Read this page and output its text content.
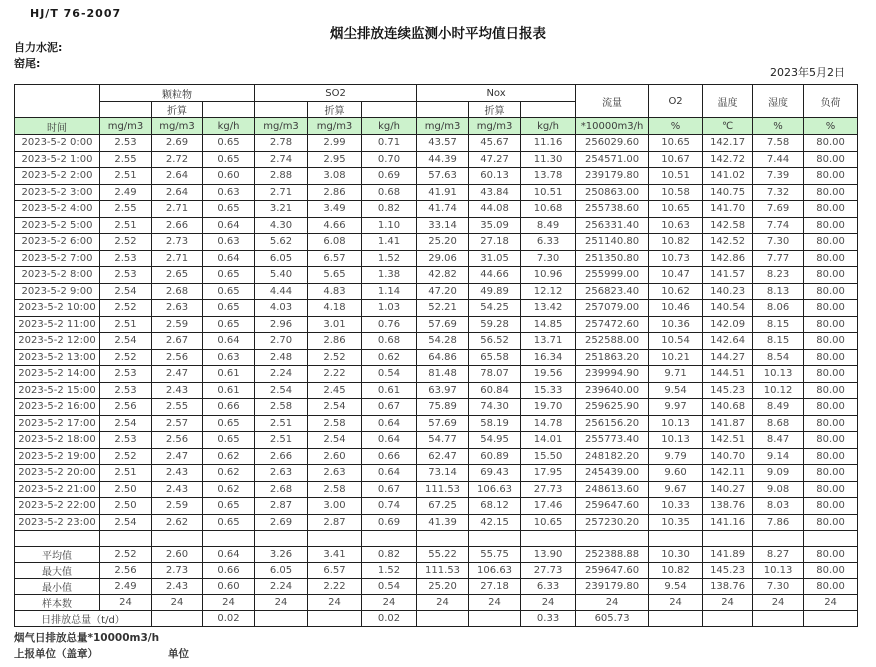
HJ/T 76-2007
烟尘排放连续监测小时平均值日报表
自力水泥:
窑尾:
2023年5月2日
	颗粒物			SO2			Nox			流量	O2	温度	湿度	负荷
		折算			折算			折算						
时间	mg/m3	mg/m3	kg/h	mg/m3	mg/m3	kg/h	mg/m3	mg/m3	kg/h	*10000m3/h	%	℃	%	%
2023-5-2 0:00	2.53	2.69	0.65	2.78	2.99	0.71	43.57	45.67	11.16	256029.60	10.65	142.17	7.58	80.00
2023-5-2 1:00	2.55	2.72	0.65	2.74	2.95	0.70	44.39	47.27	11.30	254571.00	10.67	142.72	7.44	80.00
2023-5-2 2:00	2.51	2.64	0.60	2.88	3.08	0.69	57.63	60.13	13.78	239179.80	10.51	141.02	7.39	80.00
2023-5-2 3:00	2.49	2.64	0.63	2.71	2.86	0.68	41.91	43.84	10.51	250863.00	10.58	140.75	7.32	80.00
2023-5-2 4:00	2.55	2.71	0.65	3.21	3.49	0.82	41.74	44.08	10.68	255738.60	10.65	141.70	7.69	80.00
2023-5-2 5:00	2.51	2.66	0.64	4.30	4.66	1.10	33.14	35.09	8.49	256331.40	10.63	142.58	7.74	80.00
2023-5-2 6:00	2.52	2.73	0.63	5.62	6.08	1.41	25.20	27.18	6.33	251140.80	10.82	142.52	7.30	80.00
2023-5-2 7:00	2.53	2.71	0.64	6.05	6.57	1.52	29.06	31.05	7.30	251350.80	10.73	142.86	7.77	80.00
2023-5-2 8:00	2.53	2.65	0.65	5.40	5.65	1.38	42.82	44.66	10.96	255999.00	10.47	141.57	8.23	80.00
2023-5-2 9:00	2.54	2.68	0.65	4.44	4.83	1.14	47.20	49.89	12.12	256823.40	10.62	140.23	8.13	80.00
2023-5-2 10:00	2.52	2.63	0.65	4.03	4.18	1.03	52.21	54.25	13.42	257079.00	10.46	140.54	8.06	80.00
2023-5-2 11:00	2.51	2.59	0.65	2.96	3.01	0.76	57.69	59.28	14.85	257472.60	10.36	142.09	8.15	80.00
2023-5-2 12:00	2.54	2.67	0.64	2.70	2.86	0.68	54.28	56.52	13.71	252588.00	10.54	142.64	8.15	80.00
2023-5-2 13:00	2.52	2.56	0.63	2.48	2.52	0.62	64.86	65.58	16.34	251863.20	10.21	144.27	8.54	80.00
2023-5-2 14:00	2.53	2.47	0.61	2.24	2.22	0.54	81.48	78.07	19.56	239994.90	9.71	144.51	10.13	80.00
2023-5-2 15:00	2.53	2.43	0.61	2.54	2.45	0.61	63.97	60.84	15.33	239640.00	9.54	145.23	10.12	80.00
2023-5-2 16:00	2.56	2.55	0.66	2.58	2.54	0.67	75.89	74.30	19.70	259625.90	9.97	140.68	8.49	80.00
2023-5-2 17:00	2.54	2.57	0.65	2.51	2.58	0.64	57.69	58.19	14.78	256156.20	10.13	141.87	8.68	80.00
2023-5-2 18:00	2.53	2.56	0.65	2.51	2.54	0.64	54.77	54.95	14.01	255773.40	10.13	142.51	8.47	80.00
2023-5-2 19:00	2.52	2.47	0.62	2.66	2.60	0.66	62.47	60.89	15.50	248182.20	9.79	140.70	9.14	80.00
2023-5-2 20:00	2.51	2.43	0.62	2.63	2.63	0.64	73.14	69.43	17.95	245439.00	9.60	142.11	9.09	80.00
2023-5-2 21:00	2.50	2.43	0.62	2.68	2.58	0.67	111.53	106.63	27.73	248613.60	9.67	140.27	9.08	80.00
2023-5-2 22:00	2.50	2.59	0.65	2.87	3.00	0.74	67.25	68.12	17.46	259647.60	10.33	138.76	8.03	80.00
2023-5-2 23:00	2.54	2.62	0.65	2.69	2.87	0.69	41.39	42.15	10.65	257230.20	10.35	141.16	7.86	80.00

平均值	2.52	2.60	0.64	3.26	3.41	0.82	55.22	55.75	13.90	252388.88	10.30	141.89	8.27	80.00
最大值	2.56	2.73	0.66	6.05	6.57	1.52	111.53	106.63	27.73	259647.60	10.82	145.23	10.13	80.00
最小值	2.49	2.43	0.60	2.24	2.22	0.54	25.20	27.18	6.33	239179.80	9.54	138.76	7.30	80.00
样本数	24	24	24	24	24	24	24	24	24	24	24	24	24	24
日排放总量（t/d）			0.02			0.02			0.33	605.73				
烟气日排放总量*10000m3/h
上报单位（盖章）	单位
